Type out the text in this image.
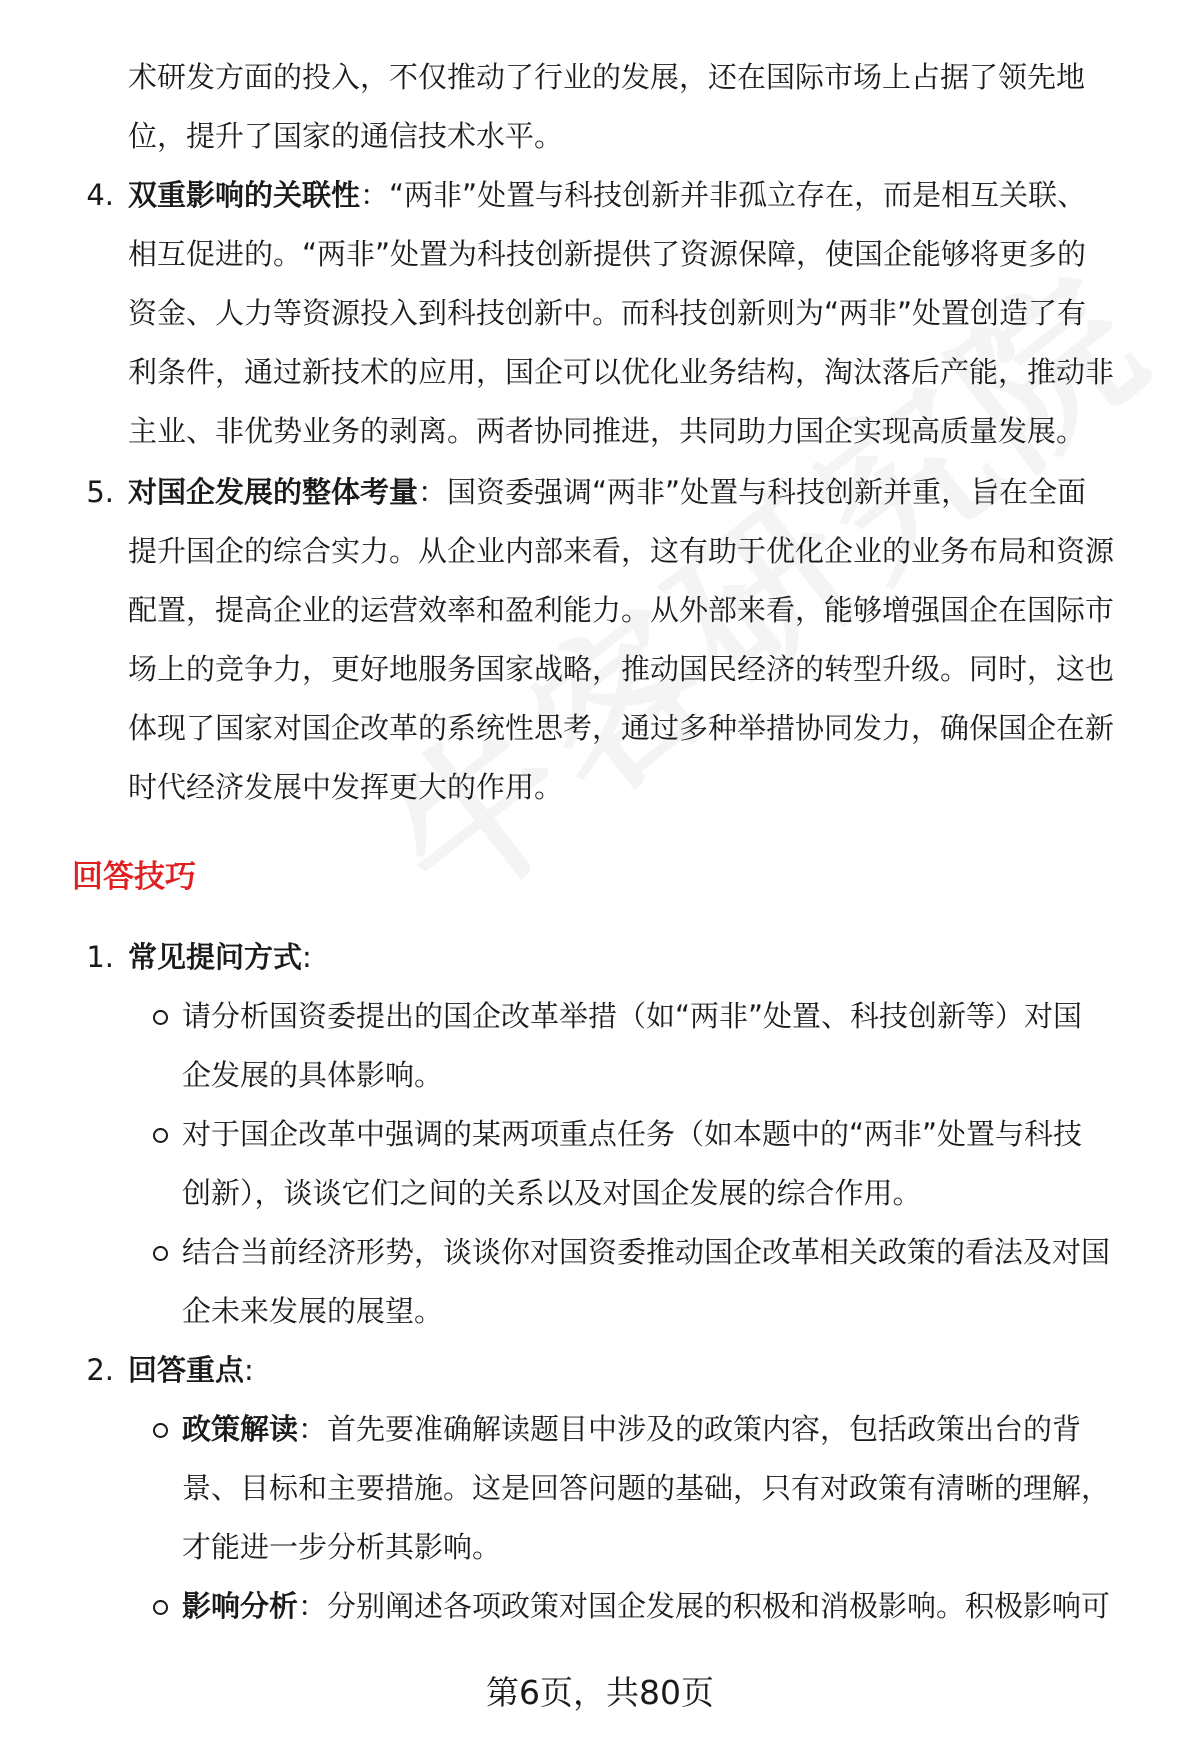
术研发方面的投入，不仅推动了行业的发展，还在国际市场上占据了领先地
位，提升了国家的通信技术水平。
4. 双重影响的关联性：“两非”处置与科技创新并非孤立存在，而是相互关联、
相互促进的。“两非”处置为科技创新提供了资源保障，使国企能够将更多的
资金、人力等资源投入到科技创新中。而科技创新则为“两非”处置创造了有
利条件，通过新技术的应用，国企可以优化业务结构，淘汰落后产能，推动非
主业、非优势业务的剥离。两者协同推进，共同助力国企实现高质量发展。
5. 对国企发展的整体考量：国资委强调“两非”处置与科技创新并重，旨在全面
提升国企的综合实力。从企业内部来看，这有助于优化企业的业务布局和资源
配置，提高企业的运营效率和盈利能力。从外部来看，能够增强国企在国际市
场上的竞争力，更好地服务国家战略，推动国民经济的转型升级。同时，这也
体现了国家对国企改革的系统性思考，通过多种举措协同发力，确保国企在新
时代经济发展中发挥更大的作用。
回答技巧
1. 常见提问方式:
请分析国资委提出的国企改革举措（如“两非”处置、科技创新等）对国
企发展的具体影响。
对于国企改革中强调的某两项重点任务（如本题中的“两非”处置与科技
创新），谈谈它们之间的关系以及对国企发展的综合作用。
结合当前经济形势，谈谈你对国资委推动国企改革相关政策的看法及对国
企未来发展的展望。
2. 回答重点:
政策解读：首先要准确解读题目中涉及的政策内容，包括政策出台的背
景、目标和主要措施。这是回答问题的基础，只有对政策有清晰的理解，
才能进一步分析其影响。
影响分析：分别阐述各项政策对国企发展的积极和消极影响。积极影响可
第6页，共80页
